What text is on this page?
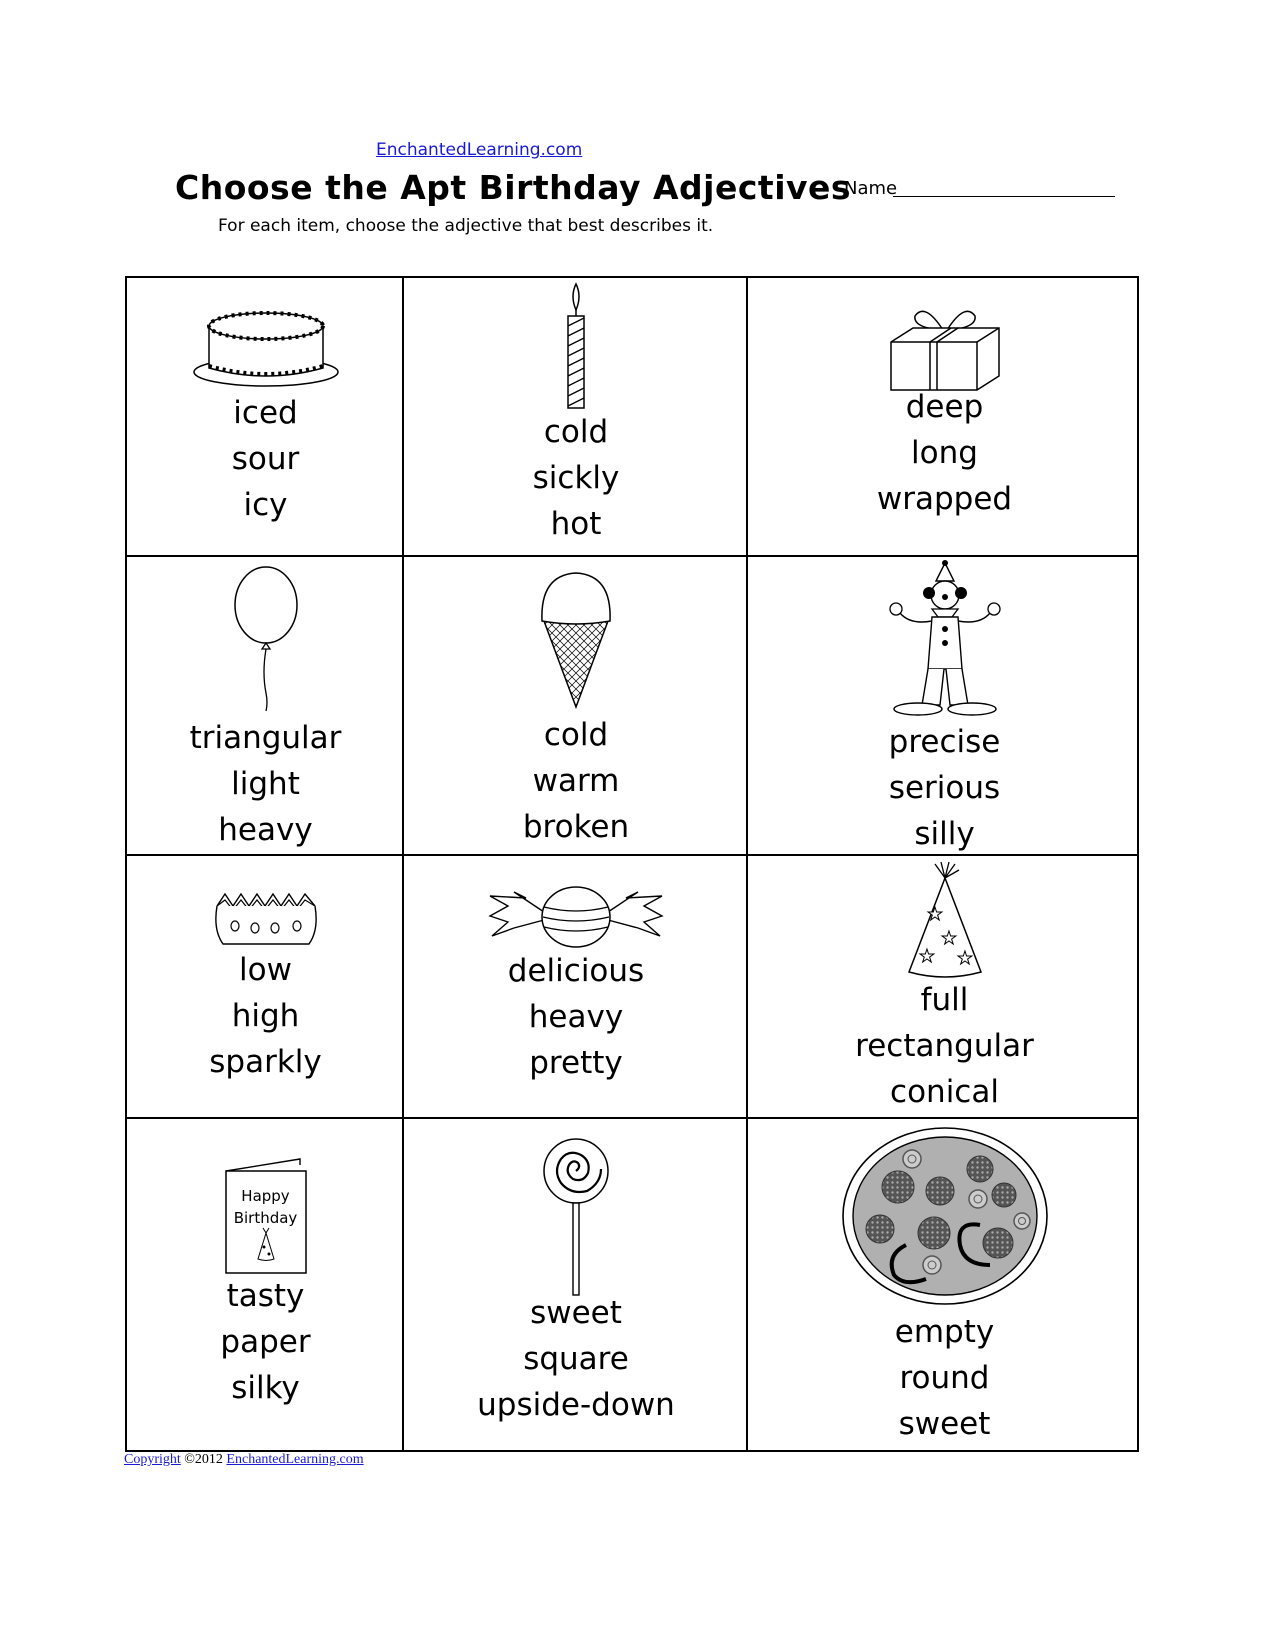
EnchantedLearning.com
Choose the Apt Birthday Adjectives
Name
For each item, choose the adjective that best describes it.
iced
sour
icy
cold
sickly
hot
deep
long
wrapped
triangular
light
heavy
cold
warm
broken
precise
serious
silly
low
high
sparkly
delicious
heavy
pretty
★
★
★ ★
full
rectangular
conical
Happy
Birthday
tasty
paper
silky
sweet
square
upside-down
empty
round
sweet
Copyright ©2012 EnchantedLearning.com
